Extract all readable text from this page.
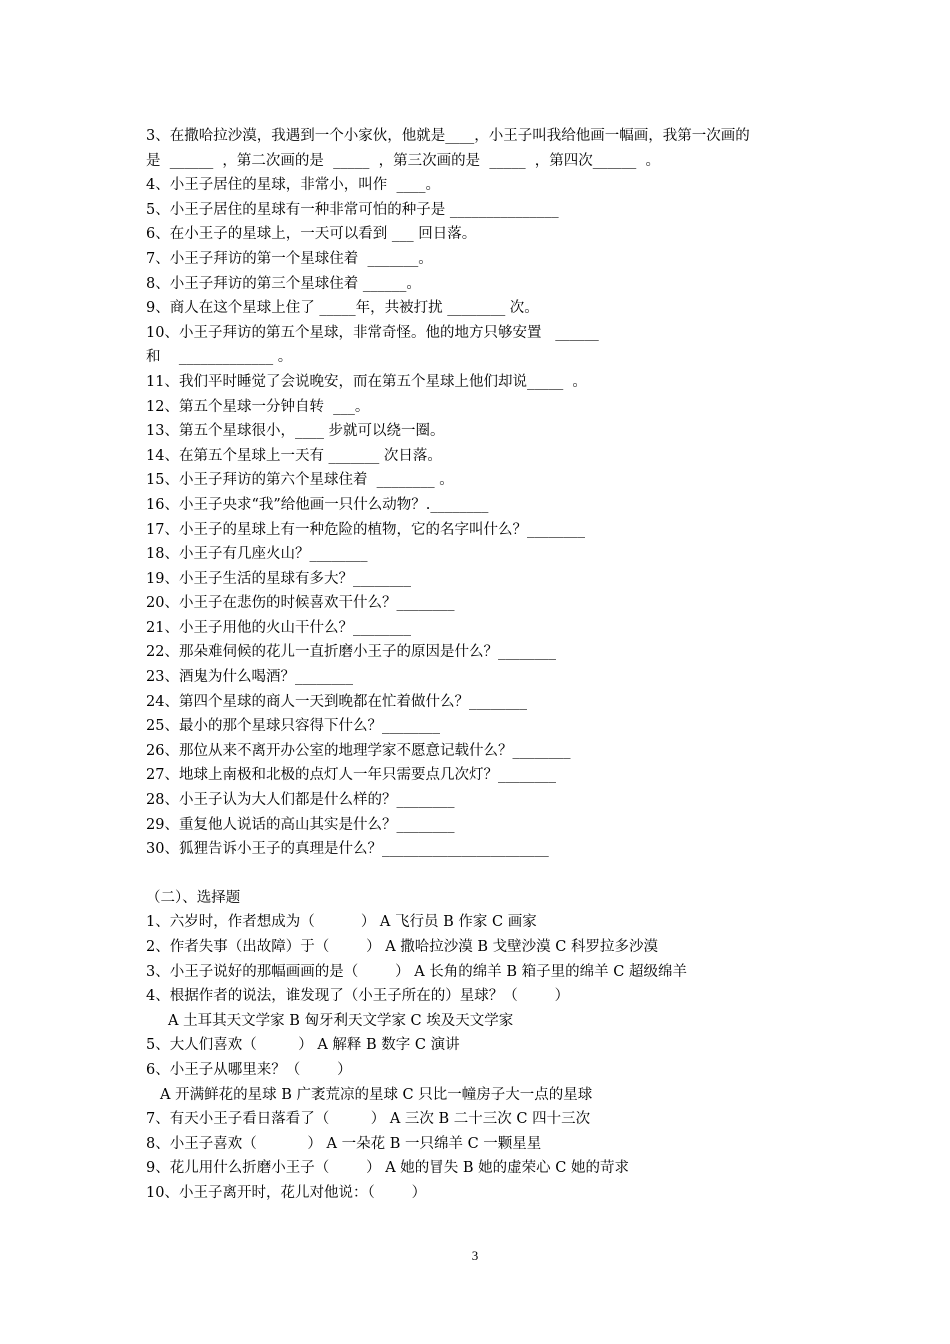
3、在撒哈拉沙漠，我遇到一个小家伙，他就是____，小王子叫我给他画一幅画，我第一次画的
是  ______  ，第二次画的是  _____  ，第三次画的是  _____  ，第四次______  。
4、小王子居住的星球，非常小，叫作  ____。
5、小王子居住的星球有一种非常可怕的种子是 _______________
6、在小王子的星球上，一天可以看到 ___ 回日落。
7、小王子拜访的第一个星球住着  _______。
8、小王子拜访的第三个星球住着 ______。
9、商人在这个星球上住了 _____年，共被打扰 ________ 次。
10、小王子拜访的第五个星球，非常奇怪。他的地方只够安置   ______
和    _____________ 。
11、我们平时睡觉了会说晚安，而在第五个星球上他们却说_____  。
12、第五个星球一分钟自转  ___。
13、第五个星球很小，____ 步就可以绕一圈。
14、在第五个星球上一天有 _______ 次日落。
15、小王子拜访的第六个星球住着  ________ 。
16、小王子央求“我”给他画一只什么动物？.________
17、小王子的星球上有一种危险的植物，它的名字叫什么？________
18、小王子有几座火山？________
19、小王子生活的星球有多大？________
20、小王子在悲伤的时候喜欢干什么？________
21、小王子用他的火山干什么？________
22、那朵难伺候的花儿一直折磨小王子的原因是什么？________
23、酒鬼为什么喝酒？________
24、第四个星球的商人一天到晚都在忙着做什么？________
25、最小的那个星球只容得下什么？________
26、那位从来不离开办公室的地理学家不愿意记载什么？________
27、地球上南极和北极的点灯人一年只需要点几次灯？________
28、小王子认为大人们都是什么样的？________
29、重复他人说话的高山其实是什么？________
30、狐狸告诉小王子的真理是什么？_______________________
（二）、选择题
1、六岁时，作者想成为（          ） A 飞行员 B 作家 C 画家
2、作者失事（出故障）于（        ） A 撒哈拉沙漠 B 戈壁沙漠 C 科罗拉多沙漠
3、小王子说好的那幅画画的是（        ） A 长角的绵羊 B 箱子里的绵羊 C 超级绵羊
4、根据作者的说法，谁发现了（小王子所在的）星球？（        ）
A 土耳其天文学家 B 匈牙利天文学家 C 埃及天文学家
5、大人们喜欢（         ） A 解释 B 数字 C 演讲
6、小王子从哪里来？（        ）
A 开满鲜花的星球 B 广袤荒凉的星球 C 只比一幢房子大一点的星球
7、有天小王子看日落看了（         ） A 三次 B 二十三次 C 四十三次
8、小王子喜欢（           ） A 一朵花 B 一只绵羊 C 一颗星星
9、花儿用什么折磨小王子（        ） A 她的冒失 B 她的虚荣心 C 她的苛求
10、小王子离开时，花儿对他说：（        ）
3
